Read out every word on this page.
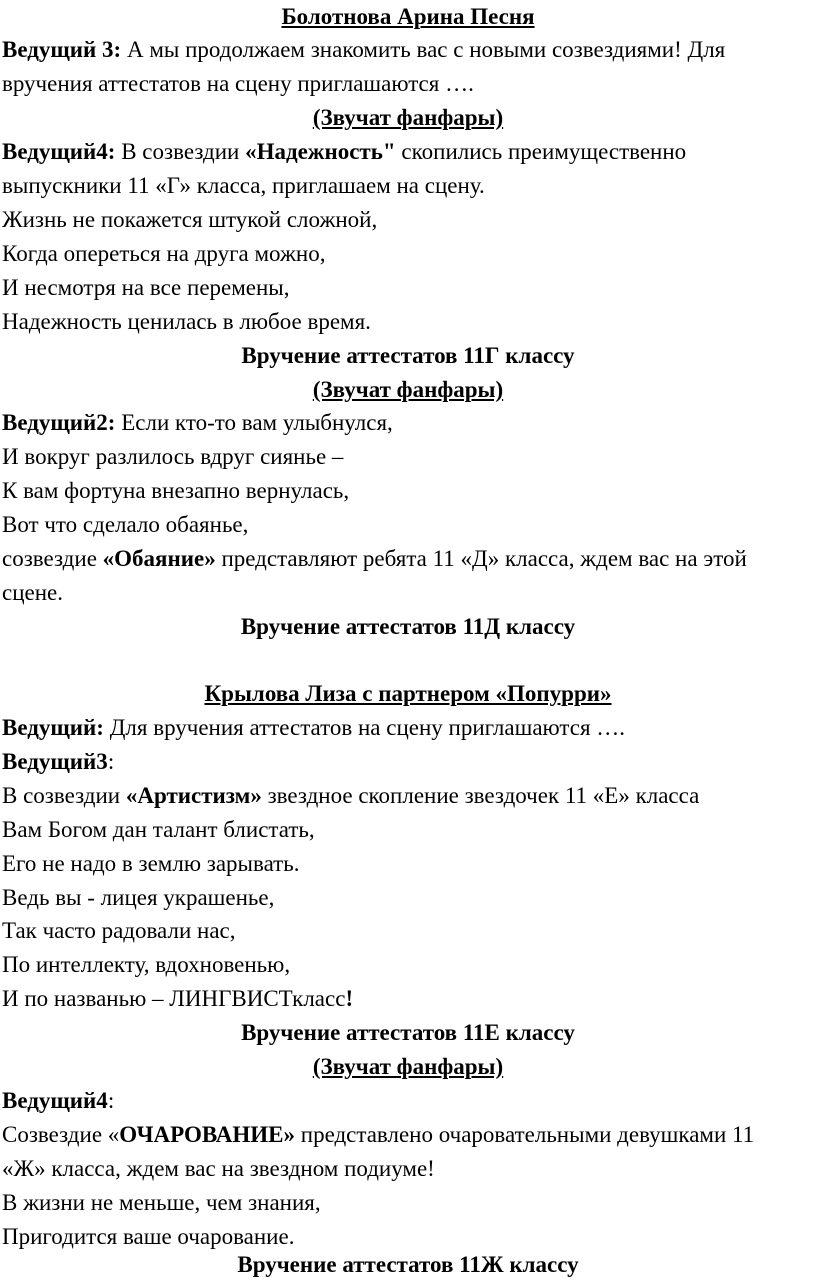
Болотнова Арина Песня
Ведущий 3: А мы продолжаем знакомить вас с новыми созвездиями! Для
вручения аттестатов на сцену приглашаются ….
(Звучат фанфары)
Ведущий4: В созвездии «Надежность" скопились преимущественно
выпускники 11 «Г» класса, приглашаем на сцену.
Жизнь не покажется штукой сложной,
Когда опереться на друга можно,
И несмотря на все перемены,
Надежность ценилась в любое время.
Вручение аттестатов 11Г классу
(Звучат фанфары)
Ведущий2: Если кто-то вам улыбнулся,
И вокруг разлилось вдруг сиянье –
К вам фортуна внезапно вернулась,
Вот что сделало обаянье,
созвездие «Обаяние» представляют ребята 11 «Д» класса, ждем вас на этой
сцене.
Вручение аттестатов 11Д классу
Крылова Лиза с партнером «Попурри»
Ведущий: Для вручения аттестатов на сцену приглашаются ….
Ведущий3:
В созвездии «Артистизм» звездное скопление звездочек 11 «Е» класса
Вам Богом дан талант блистать,
Его не надо в землю зарывать.
Ведь вы - лицея украшенье,
Так часто радовали нас,
По интеллекту, вдохновенью,
И по названью – ЛИНГВИСТкласс!
Вручение аттестатов 11Е классу
(Звучат фанфары)
Ведущий4:
Созвездие «ОЧАРОВАНИЕ» представлено очаровательными девушками 11
«Ж» класса, ждем вас на звездном подиуме!
В жизни не меньше, чем знания,
Пригодится ваше очарование.
Вручение аттестатов 11Ж классу
